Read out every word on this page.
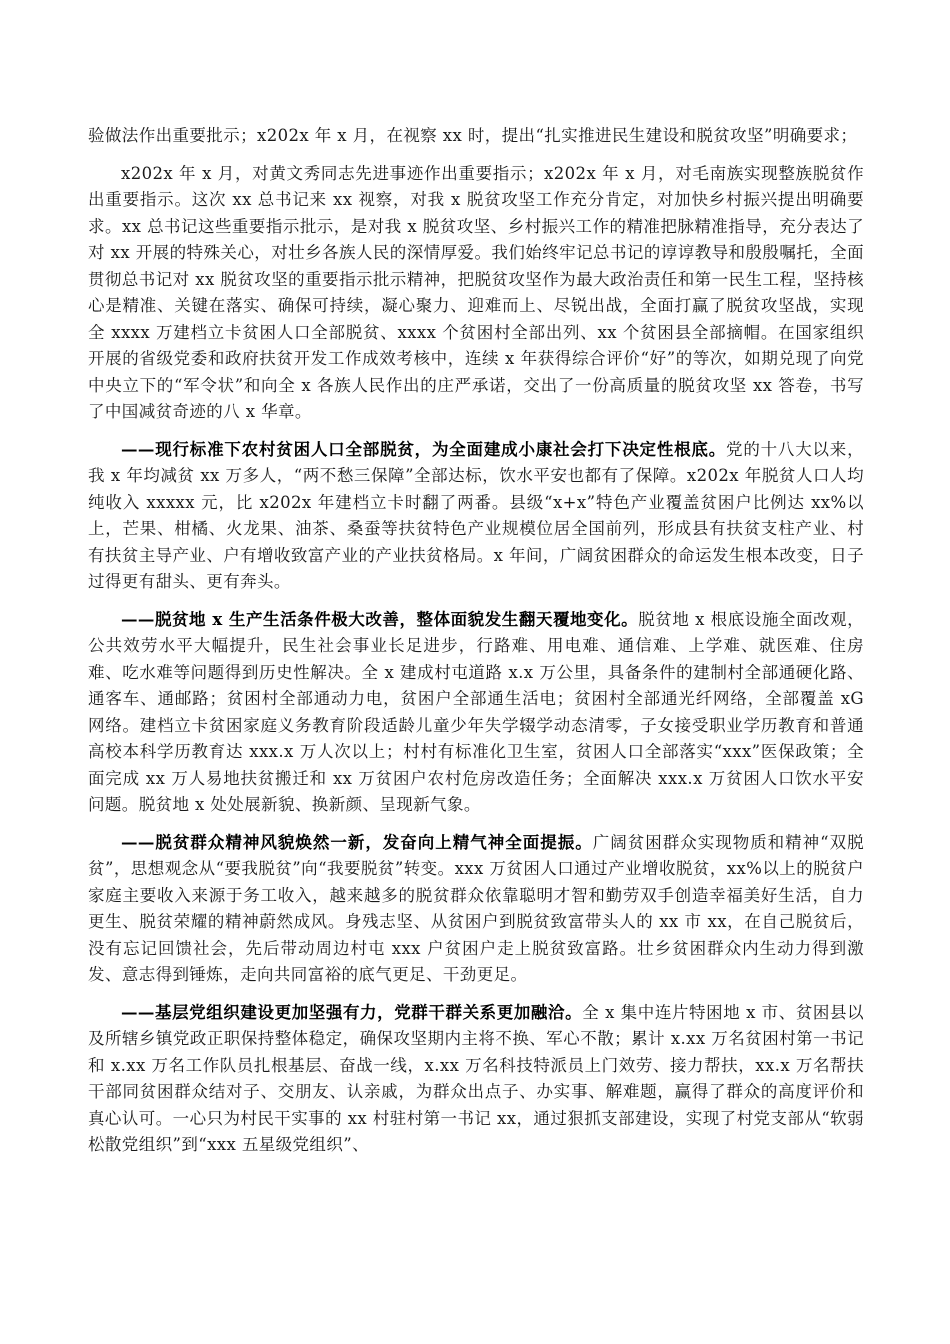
验做法作出重要批示；x202x 年 x 月，在视察 xx 时，提出“扎实推进民生建设和脱贫攻坚”明确要求；

x202x 年 x 月，对黄文秀同志先进事迹作出重要指示；x202x 年 x 月，对毛南族实现整族脱贫作出重要指示。这次 xx 总书记来 xx 视察，对我 x 脱贫攻坚工作充分肯定，对加快乡村振兴提出明确要求。xx 总书记这些重要指示批示，是对我 x 脱贫攻坚、乡村振兴工作的精准把脉精准指导，充分表达了对 xx 开展的特殊关心，对壮乡各族人民的深情厚爱。我们始终牢记总书记的谆谆教导和殷殷嘱托，全面贯彻总书记对 xx 脱贫攻坚的重要指示批示精神，把脱贫攻坚作为最大政治责任和第一民生工程，坚持核心是精准、关键在落实、确保可持续，凝心聚力、迎难而上、尽锐出战，全面打赢了脱贫攻坚战，实现全 xxxx 万建档立卡贫困人口全部脱贫、xxxx 个贫困村全部出列、xx 个贫困县全部摘帽。在国家组织开展的省级党委和政府扶贫开发工作成效考核中，连续 x 年获得综合评价“好”的等次，如期兑现了向党中央立下的“军令状”和向全 x 各族人民作出的庄严承诺，交出了一份高质量的脱贫攻坚 xx 答卷，书写了中国减贫奇迹的八 x 华章。

——现行标准下农村贫困人口全部脱贫，为全面建成小康社会打下决定性根底。党的十八大以来，我 x 年均减贫 xx 万多人，“两不愁三保障”全部达标，饮水平安也都有了保障。x202x 年脱贫人口人均纯收入 xxxxx 元，比 x202x 年建档立卡时翻了两番。县级“x+x”特色产业覆盖贫困户比例达 xx%以上，芒果、柑橘、火龙果、油茶、桑蚕等扶贫特色产业规模位居全国前列，形成县有扶贫支柱产业、村有扶贫主导产业、户有增收致富产业的产业扶贫格局。x 年间，广阔贫困群众的命运发生根本改变，日子过得更有甜头、更有奔头。

——脱贫地 x 生产生活条件极大改善，整体面貌发生翻天覆地变化。脱贫地 x 根底设施全面改观，公共效劳水平大幅提升，民生社会事业长足进步，行路难、用电难、通信难、上学难、就医难、住房难、吃水难等问题得到历史性解决。全 x 建成村屯道路 x.x 万公里，具备条件的建制村全部通硬化路、通客车、通邮路；贫困村全部通动力电，贫困户全部通生活电；贫困村全部通光纤网络，全部覆盖 xG 网络。建档立卡贫困家庭义务教育阶段适龄儿童少年失学辍学动态清零，子女接受职业学历教育和普通高校本科学历教育达 xxx.x 万人次以上；村村有标准化卫生室，贫困人口全部落实“xxx”医保政策；全面完成 xx 万人易地扶贫搬迁和 xx 万贫困户农村危房改造任务；全面解决 xxx.x 万贫困人口饮水平安问题。脱贫地 x 处处展新貌、换新颜、呈现新气象。

——脱贫群众精神风貌焕然一新，发奋向上精气神全面提振。广阔贫困群众实现物质和精神“双脱贫”，思想观念从“要我脱贫”向“我要脱贫”转变。xxx 万贫困人口通过产业增收脱贫，xx%以上的脱贫户家庭主要收入来源于务工收入，越来越多的脱贫群众依靠聪明才智和勤劳双手创造幸福美好生活，自力更生、脱贫荣耀的精神蔚然成风。身残志坚、从贫困户到脱贫致富带头人的 xx 市 xx，在自己脱贫后，没有忘记回馈社会，先后带动周边村屯 xxx 户贫困户走上脱贫致富路。壮乡贫困群众内生动力得到激发、意志得到锤炼，走向共同富裕的底气更足、干劲更足。

——基层党组织建设更加坚强有力，党群干群关系更加融洽。全 x 集中连片特困地 x 市、贫困县以及所辖乡镇党政正职保持整体稳定，确保攻坚期内主将不换、军心不散；累计 x.xx 万名贫困村第一书记和 x.xx 万名工作队员扎根基层、奋战一线，x.xx 万名科技特派员上门效劳、接力帮扶，xx.x 万名帮扶干部同贫困群众结对子、交朋友、认亲戚，为群众出点子、办实事、解难题，赢得了群众的高度评价和真心认可。一心只为村民干实事的 xx 村驻村第一书记 xx，通过狠抓支部建设，实现了村党支部从“软弱松散党组织”到“xxx 五星级党组织”、
